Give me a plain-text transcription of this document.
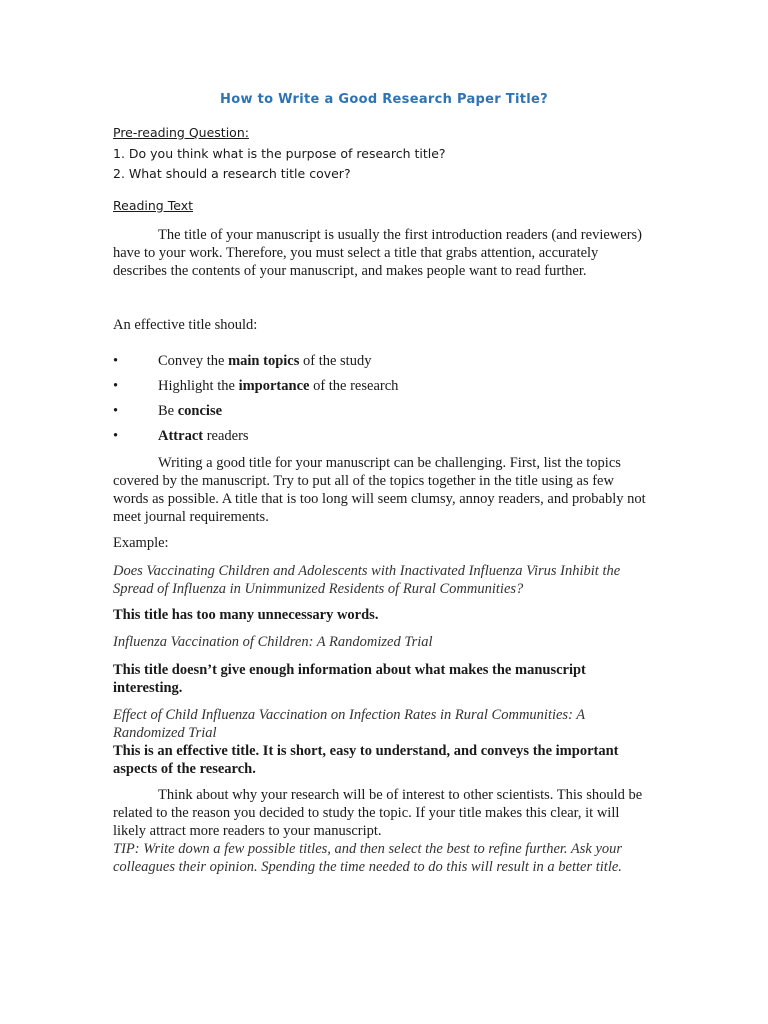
How to Write a Good Research Paper Title?

Pre-reading Question:

1. Do you think what is the purpose of research title?

2. What should a research title cover?

Reading Text

The title of your manuscript is usually the first introduction readers (and reviewers) have to your work. Therefore, you must select a title that grabs attention, accurately describes the contents of your manuscript, and makes people want to read further.

An effective title should:

•	Convey the main topics of the study
•	Highlight the importance of the research
•	Be concise
•	Attract readers

Writing a good title for your manuscript can be challenging. First, list the topics covered by the manuscript. Try to put all of the topics together in the title using as few words as possible. A title that is too long will seem clumsy, annoy readers, and probably not meet journal requirements.

Example:

Does Vaccinating Children and Adolescents with Inactivated Influenza Virus Inhibit the Spread of Influenza in Unimmunized Residents of Rural Communities?

This title has too many unnecessary words.

Influenza Vaccination of Children: A Randomized Trial

This title doesn’t give enough information about what makes the manuscript interesting.

Effect of Child Influenza Vaccination on Infection Rates in Rural Communities: A Randomized Trial

This is an effective title. It is short, easy to understand, and conveys the important aspects of the research.

Think about why your research will be of interest to other scientists. This should be related to the reason you decided to study the topic. If your title makes this clear, it will likely attract more readers to your manuscript.

TIP: Write down a few possible titles, and then select the best to refine further. Ask your colleagues their opinion. Spending the time needed to do this will result in a better title.
